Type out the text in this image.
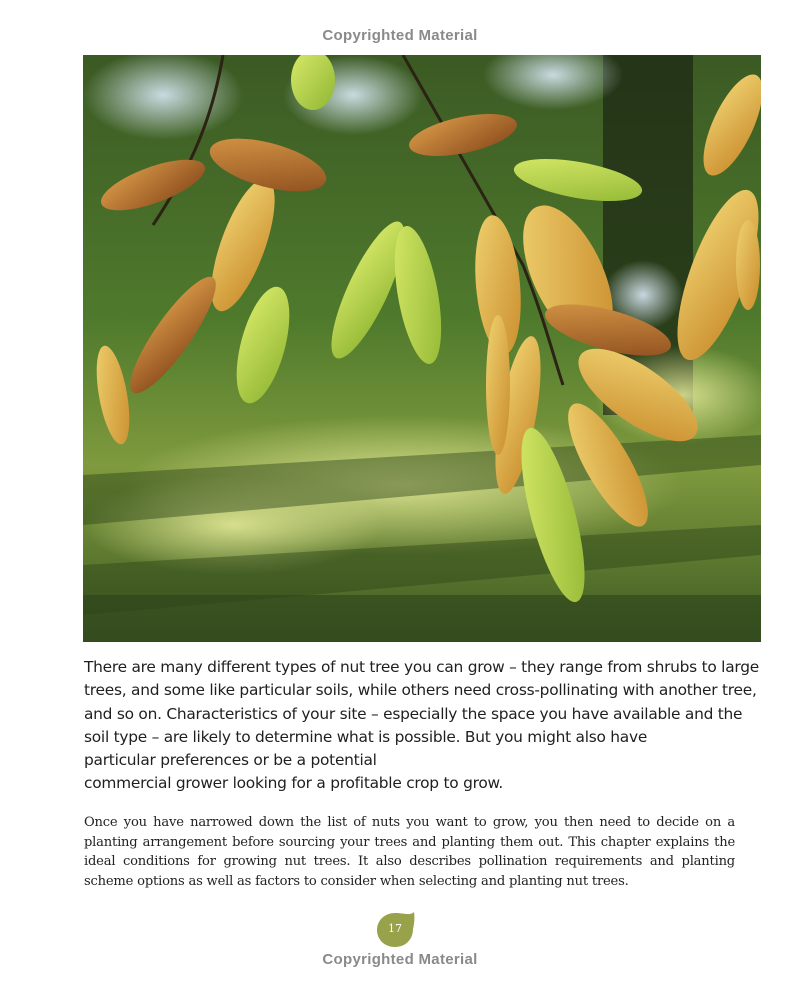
Copyrighted Material

There are many different types of nut tree you can grow – they range from shrubs to large
trees, and some like particular soils, while others need cross-pollinating with another tree,
and so on. Characteristics of your site – especially the space you have available and the
soil type – are likely to determine what is possible. But you might also have
particular preferences or be a potential
commercial grower looking for a profitable crop to grow.

Once you have narrowed down the list of nuts you want to grow, you then need to decide on a planting arrangement before sourcing your trees and planting them out. This chapter explains the ideal conditions for growing nut trees. It also describes pollination requirements and planting scheme options as well as factors to consider when selecting and planting nut trees.

17
Copyrighted Material
